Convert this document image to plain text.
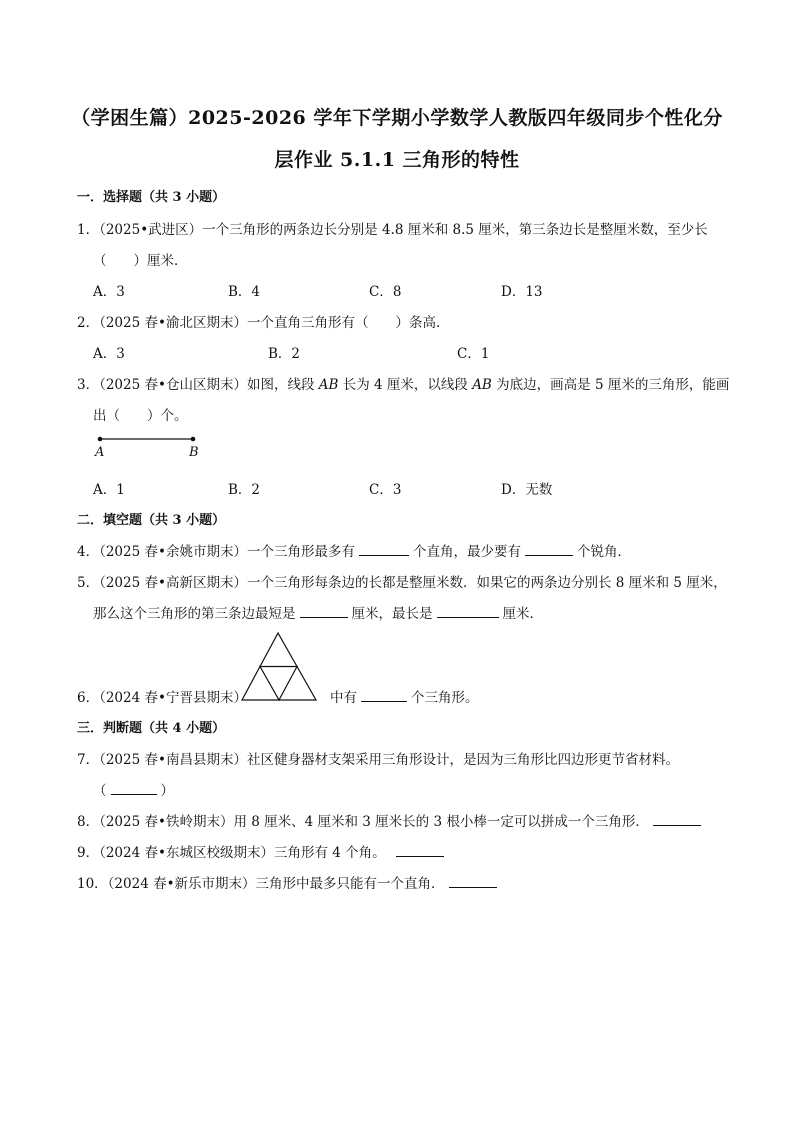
（学困生篇）2025-2026 学年下学期小学数学人教版四年级同步个性化分
层作业 5.1.1 三角形的特性
一．选择题（共 3 小题）
1．（2025•武进区）一个三角形的两条边长分别是 4.8 厘米和 8.5 厘米，第三条边长是整厘米数，至少长
（　　）厘米．
A．3	B．4	C．8	D．13
2．（2025 春•渝北区期末）一个直角三角形有（　　）条高．
A．3	B．2	C．1
3．（2025 春•仓山区期末）如图，线段 AB 长为 4 厘米，以线段 AB 为底边，画高是 5 厘米的三角形，能画
出（　　）个。
A	B
A．1	B．2	C．3	D．无数
二．填空题（共 3 小题）
4．（2025 春•余姚市期末）一个三角形最多有	个直角，最少要有	个锐角．
5．（2025 春•高新区期末）一个三角形每条边的长都是整厘米数．如果它的两条边分别长 8 厘米和 5 厘米，
那么这个三角形的第三条边最短是	厘米，最长是	厘米．
6．（2024 春•宁晋县期末）	中有	个三角形。
三．判断题（共 4 小题）
7．（2025 春•南昌县期末）社区健身器材支架采用三角形设计，是因为三角形比四边形更节省材料。
（	）
8．（2025 春•铁岭期末）用 8 厘米、4 厘米和 3 厘米长的 3 根小棒一定可以拼成一个三角形．
9．（2024 春•东城区校级期末）三角形有 4 个角。
10．（2024 春•新乐市期末）三角形中最多只能有一个直角．
